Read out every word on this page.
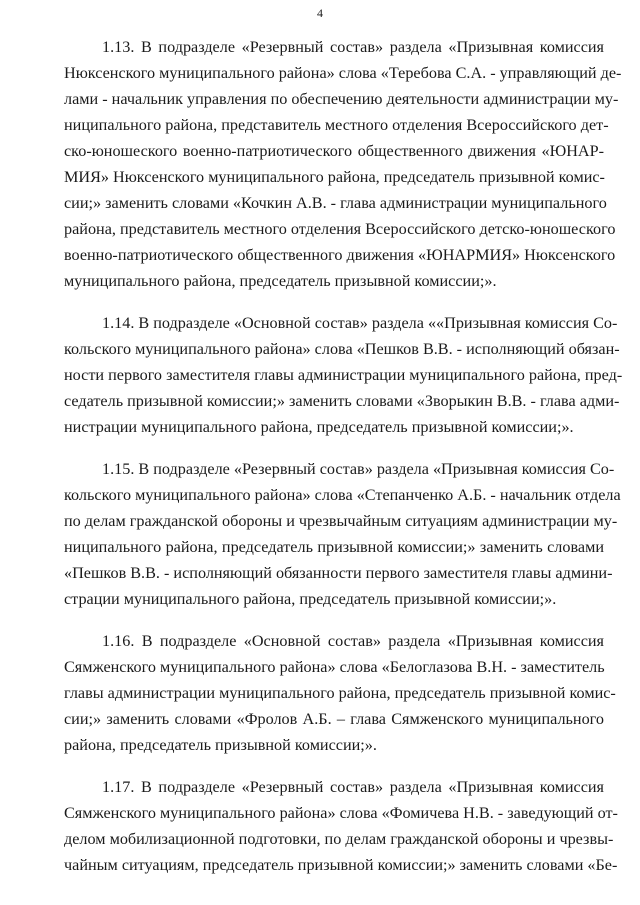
4

1.13. В подразделе «Резервный состав» раздела «Призывная комиссия
Нюксенского муниципального района» слова «Теребова С.А. - управляющий де-
лами - начальник управления по обеспечению деятельности администрации му-
ниципального района, представитель местного отделения Всероссийского дет-
ско-юношеского военно-патриотического общественного движения «ЮНАР-
МИЯ» Нюксенского муниципального района, председатель призывной комис-
сии;» заменить словами «Кочкин А.В. - глава администрации муниципального
района, представитель местного отделения Всероссийского детско-юношеского
военно-патриотического общественного движения «ЮНАРМИЯ» Нюксенского
муниципального района, председатель призывной комиссии;».

1.14. В подразделе «Основной состав» раздела ««Призывная комиссия Со-
кольского муниципального района» слова «Пешков В.В. - исполняющий обязан-
ности первого заместителя главы администрации муниципального района, пред-
седатель призывной комиссии;» заменить словами «Зворыкин В.В. - глава адми-
нистрации муниципального района, председатель призывной комиссии;».

1.15. В подразделе «Резервный состав» раздела «Призывная комиссия Со-
кольского муниципального района» слова «Степанченко А.Б. - начальник отдела
по делам гражданской обороны и чрезвычайным ситуациям администрации му-
ниципального района, председатель призывной комиссии;» заменить словами
«Пешков В.В. - исполняющий обязанности первого заместителя главы админи-
страции муниципального района, председатель призывной комиссии;».

1.16. В подразделе «Основной состав» раздела «Призывная комиссия
Сямженского муниципального района» слова «Белоглазова В.Н. - заместитель
главы администрации муниципального района, председатель призывной комис-
сии;» заменить словами «Фролов А.Б. – глава Сямженского муниципального
района, председатель призывной комиссии;».

1.17. В подразделе «Резервный состав» раздела «Призывная комиссия
Сямженского муниципального района» слова «Фомичева Н.В. - заведующий от-
делом мобилизационной подготовки, по делам гражданской обороны и чрезвы-
чайным ситуациям, председатель призывной комиссии;» заменить словами «Бе-
